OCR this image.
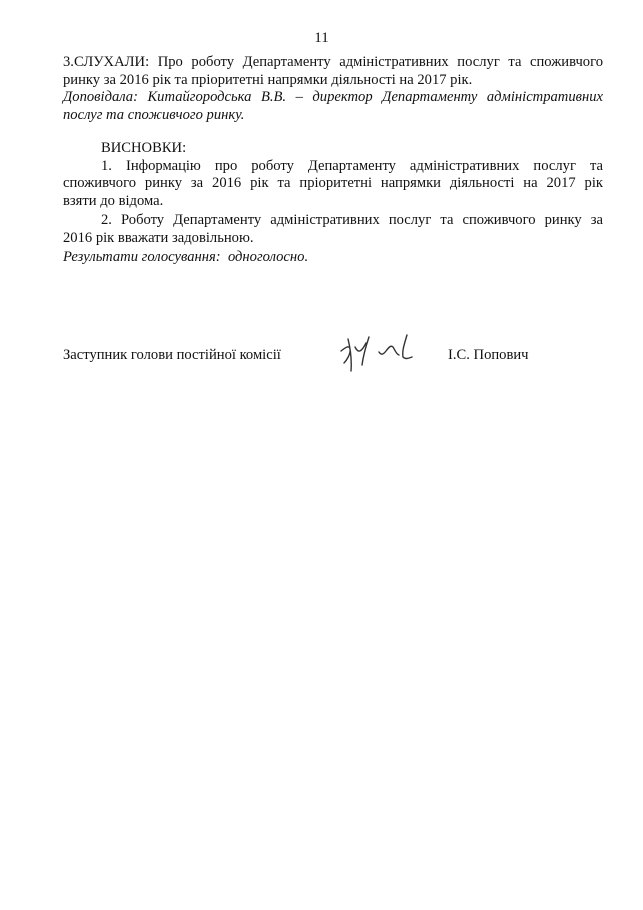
11

3.СЛУХАЛИ: Про роботу Департаменту адміністративних послуг та споживчого

ринку за 2016 рік та пріоритетні напрямки діяльності на 2017 рік.

Доповідала: Китайгородська В.В. – директор Департаменту адміністративних

послуг та споживчого ринку.

ВИСНОВКИ:

1. Інформацію про роботу Департаменту адміністративних послуг та

споживчого ринку за 2016 рік та пріоритетні напрямки діяльності на 2017 рік

взяти до відома.

2. Роботу Департаменту адміністративних послуг та споживчого ринку за

2016 рік вважати задовільною.

Результати голосування: одноголосно.

Заступник голови постійної комісії	І.С. Попович
